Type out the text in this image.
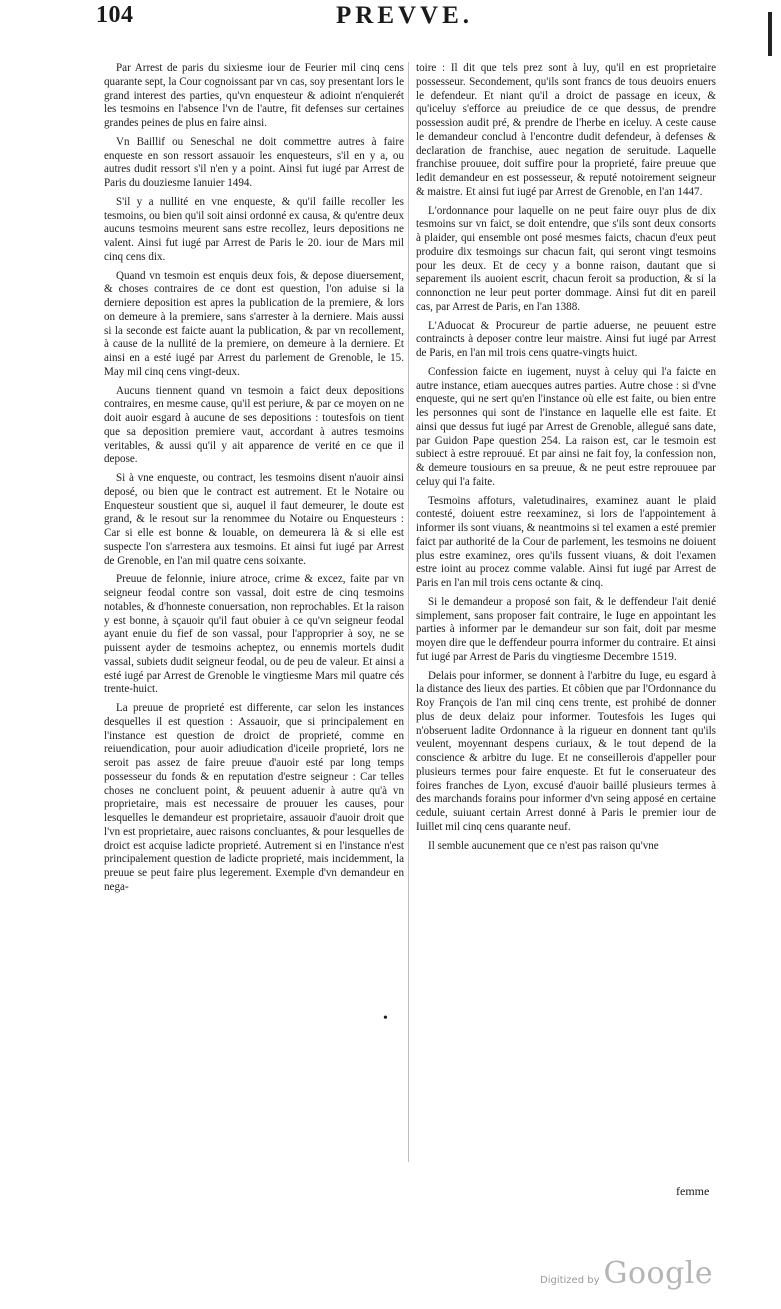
104	PREVVE.

Par Arrest de paris du sixiesme iour de Feurier mil cinq cens quarante sept, la Cour cognoissant par vn cas, soy presentant lors le grand interest des parties, qu'vn enquesteur & adioint n'enquierét les tesmoins en l'absence l'vn de l'autre, fit defenses sur certaines grandes peines de plus en faire ainsi.

Vn Baillif ou Seneschal ne doit commettre autres à faire enqueste en son ressort assauoir les enquesteurs, s'il en y a, ou autres dudit ressort s'il n'en y a point. Ainsi fut iugé par Arrest de Paris du douziesme Ianuier 1494.

S'il y a nullité en vne enqueste, & qu'il faille recoller les tesmoins, ou bien qu'il soit ainsi ordonné ex causa, & qu'entre deux aucuns tesmoins meurent sans estre recollez, leurs depositions ne valent. Ainsi fut iugé par Arrest de Paris le 20. iour de Mars mil cinq cens dix.

Quand vn tesmoin est enquis deux fois, & depose diuersement, & choses contraires de ce dont est question, l'on aduise si la derniere deposition est apres la publication de la premiere, & lors on demeure à la premiere, sans s'arrester à la derniere. Mais aussi si la seconde est faicte auant la publication, & par vn recollement, à cause de la nullité de la premiere, on demeure à la derniere. Et ainsi en a esté iugé par Arrest du parlement de Grenoble, le 15. May mil cinq cens vingt-deux.

Aucuns tiennent quand vn tesmoin a faict deux depositions contraires, en mesme cause, qu'il est periure, & par ce moyen on ne doit auoir esgard à aucune de ses depositions : toutesfois on tient que sa deposition premiere vaut, accordant à autres tesmoins veritables, & aussi qu'il y ait apparence de verité en ce que il depose.

Si à vne enqueste, ou contract, les tesmoins disent n'auoir ainsi deposé, ou bien que le contract est autrement. Et le Notaire ou Enquesteur soustient que si, auquel il faut demeurer, le doute est grand, & le resout sur la renommee du Notaire ou Enquesteurs : Car si elle est bonne & louable, on demeurera là & si elle est suspecte l'on s'arrestera aux tesmoins. Et ainsi fut iugé par Arrest de Grenoble, en l'an mil quatre cens soixante.

Preuue de felonnie, iniure atroce, crime & excez, faite par vn seigneur feodal contre son vassal, doit estre de cinq tesmoins notables, & d'honneste conuersation, non reprochables. Et la raison y est bonne, à sçauoir qu'il faut obuier à ce qu'vn seigneur feodal ayant enuie du fief de son vassal, pour l'approprier à soy, ne se puissent ayder de tesmoins acheptez, ou ennemis mortels dudit vassal, subiets dudit seigneur feodal, ou de peu de valeur. Et ainsi a esté iugé par Arrest de Grenoble le vingtiesme Mars mil quatre cés trente-huict.

La preuue de proprieté est differente, car selon les instances desquelles il est question : Assauoir, que si principalement en l'instance est question de droict de proprieté, comme en reiuendication, pour auoir adiudication d'iceile proprieté, lors ne seroit pas assez de faire preuue d'auoir esté par long temps possesseur du fonds & en reputation d'estre seigneur : Car telles choses ne concluent point, & peuuent aduenir à autre qu'à vn proprietaire, mais est necessaire de prouuer les causes, pour lesquelles le demandeur est proprietaire, assauoir d'auoir droit que l'vn est proprietaire, auec raisons concluantes, & pour lesquelles de droict est acquise ladicte proprieté. Autrement si en l'instance n'est principalement question de ladicte proprieté, mais incidemment, la preuue se peut faire plus legerement. Exemple d'vn demandeur en nega-

toire : Il dit que tels prez sont à luy, qu'il en est proprietaire possesseur. Secondement, qu'ils sont francs de tous deuoirs enuers le defendeur. Et niant qu'il a droict de passage en iceux, & qu'iceluy s'efforce au preiudice de ce que dessus, de prendre possession audit pré, & prendre de l'herbe en iceluy. A ceste cause le demandeur conclud à l'encontre dudit defendeur, à defenses & declaration de franchise, auec negation de seruitude. Laquelle franchise prouuee, doit suffire pour la proprieté, faire preuue que ledit demandeur en est possesseur, & reputé notoirement seigneur & maistre. Et ainsi fut iugé par Arrest de Grenoble, en l'an 1447.

L'ordonnance pour laquelle on ne peut faire ouyr plus de dix tesmoins sur vn faict, se doit entendre, que s'ils sont deux consorts à plaider, qui ensemble ont posé mesmes faicts, chacun d'eux peut produire dix tesmoings sur chacun fait, qui seront vingt tesmoins pour les deux. Et de cecy y a bonne raison, dautant que si separement ils auoient escrit, chacun feroit sa production, & si la connonction ne leur peut porter dommage. Ainsi fut dit en pareil cas, par Arrest de Paris, en l'an 1388.

L'Aduocat & Procureur de partie aduerse, ne peuuent estre contraincts à deposer contre leur maistre. Ainsi fut iugé par Arrest de Paris, en l'an mil trois cens quatre-vingts huict.

Confession faicte en iugement, nuyst à celuy qui l'a faicte en autre instance, etiam auecques autres parties. Autre chose : si d'vne enqueste, qui ne sert qu'en l'instance où elle est faite, ou bien entre les personnes qui sont de l'instance en laquelle elle est faite. Et ainsi que dessus fut iugé par Arrest de Grenoble, allegué sans date, par Guidon Pape question 254. La raison est, car le tesmoin est subiect à estre reprouué. Et par ainsi ne fait foy, la confession non, & demeure tousiours en sa preuue, & ne peut estre reprouuee par celuy qui l'a faite.

Tesmoins affoturs, valetudinaires, examinez auant le plaid contesté, doiuent estre reexaminez, si lors de l'appointement à informer ils sont viuans, & neantmoins si tel examen a esté premier faict par authorité de la Cour de parlement, les tesmoins ne doiuent plus estre examinez, ores qu'ils fussent viuans, & doit l'examen estre ioint au procez comme valable. Ainsi fut iugé par Arrest de Paris en l'an mil trois cens octante & cinq.

Si le demandeur a proposé son fait, & le deffendeur l'ait denié simplement, sans proposer fait contraire, le Iuge en appointant les parties à informer par le demandeur sur son fait, doit par mesme moyen dire que le deffendeur pourra informer du contraire. Et ainsi fut iugé par Arrest de Paris du vingtiesme Decembre 1519.

Delais pour informer, se donnent à l'arbitre du Iuge, eu esgard à la distance des lieux des parties. Et côbien que par l'Ordonnance du Roy François de l'an mil cinq cens trente, est prohibé de donner plus de deux delaiz pour informer. Toutesfois les Iuges qui n'obseruent ladite Ordonnance à la rigueur en donnent tant qu'ils veulent, moyennant despens curiaux, & le tout depend de la conscience & arbitre du Iuge. Et ne conseillerois d'appeller pour plusieurs termes pour faire enqueste. Et fut le conseruateur des foires franches de Lyon, excusé d'auoir baillé plusieurs termes à des marchands forains pour informer d'vn seing apposé en certaine cedule, suiuant certain Arrest donné à Paris le premier iour de Iuillet mil cinq cens quarante neuf.

Il semble aucunement que ce n'est pas raison qu'vne

•
femme
Digitized by Google
